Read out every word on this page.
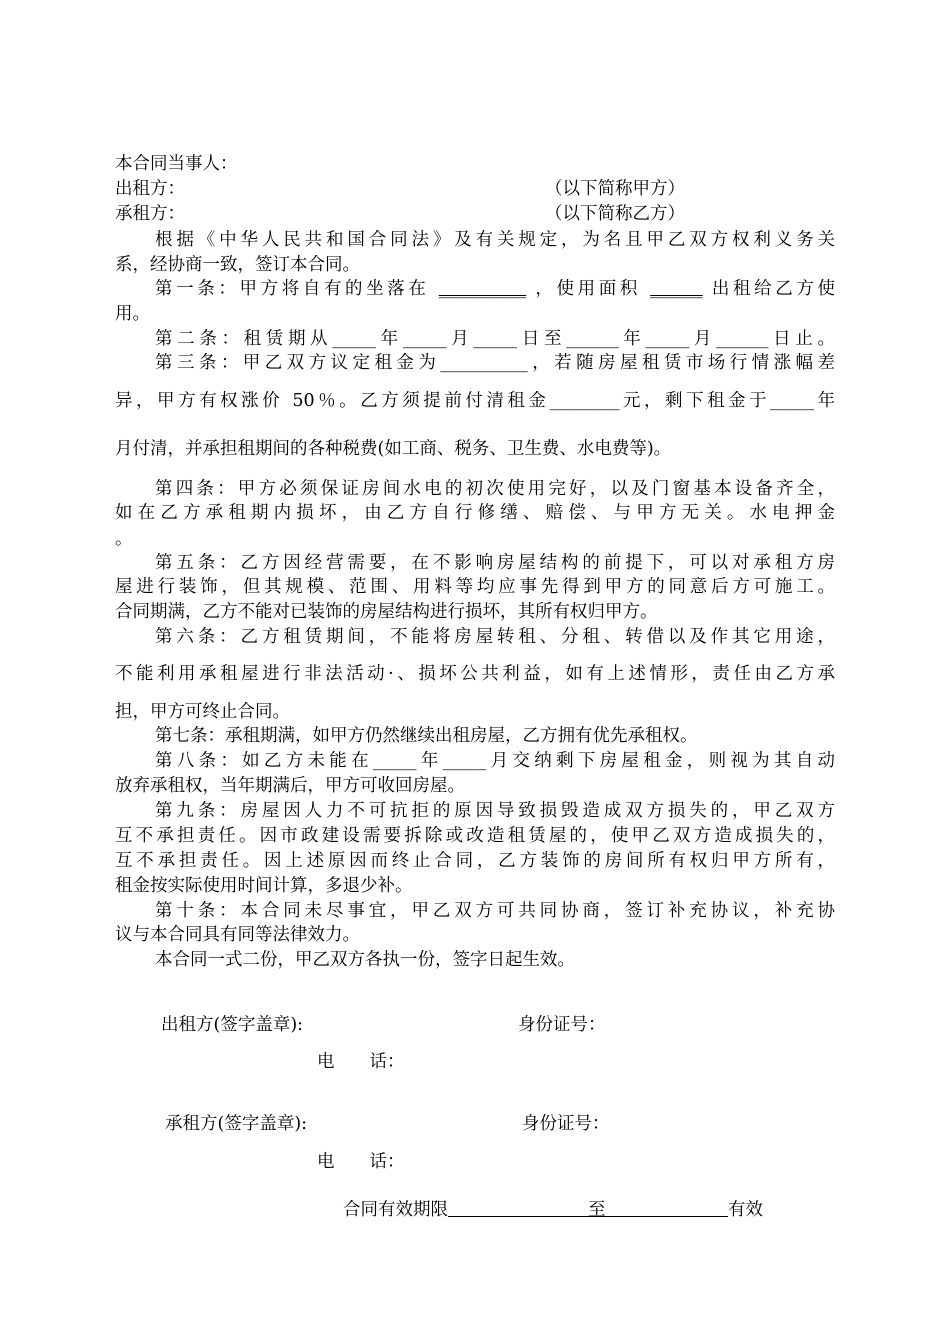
本合同当事人：
出租方：	（以下简称甲方）
承租方：	（以下简称乙方）
根据《中华人民共和国合同法》及有关规定，为名且甲乙双方权利义务关
系，经协商一致，签订本合同。
第一条：甲方将自有的坐落在 __________ ，使用面积 ______ 出租给乙方使
用。
第二条：租赁期从_____年_____月_____日至______年_____月______日止。
第三条：甲乙双方议定租金为__________，若随房屋租赁市场行情涨幅差
异，甲方有权涨价 50％。乙方须提前付清租金________元，剩下租金于_____年
月付清，并承担租期间的各种税费(如工商、税务、卫生费、水电费等)。
第四条：甲方必须保证房间水电的初次使用完好，以及门窗基本设备齐全，
如在乙方承租期内损坏，由乙方自行修缮、赔偿、与甲方无关。水电押金
。
第五条：乙方因经营需要，在不影响房屋结构的前提下，可以对承租方房
屋进行装饰，但其规模、范围、用料等均应事先得到甲方的同意后方可施工。
合同期满，乙方不能对已装饰的房屋结构进行损坏，其所有权归甲方。
第六条：乙方租赁期间，不能将房屋转租、分租、转借以及作其它用途，
不能利用承租屋进行非法活动·、损坏公共利益，如有上述情形，责任由乙方承
担，甲方可终止合同。
第七条：承租期满，如甲方仍然继续出租房屋，乙方拥有优先承租权。
第八条：如乙方未能在_____年_____月交纳剩下房屋租金，则视为其自动
放弃承租权，当年期满后，甲方可收回房屋。
第九条：房屋因人力不可抗拒的原因导致损毁造成双方损失的，甲乙双方
互不承担责任。因市政建设需要拆除或改造租赁屋的，使甲乙双方造成损失的，
互不承担责任。因上述原因而终止合同，乙方装饰的房间所有权归甲方所有，
租金按实际使用时间计算，多退少补。
第十条：本合同未尽事宜，甲乙双方可共同协商，签订补充协议，补充协
议与本合同具有同等法律效力。
本合同一式二份，甲乙双方各执一份，签字日起生效。
出租方(签字盖章):	身份证号：
电　　话：
承租方(签字盖章):	身份证号：
电　　话：
合同有效期限　　　　　　　　	至　　　　　　　	有效
